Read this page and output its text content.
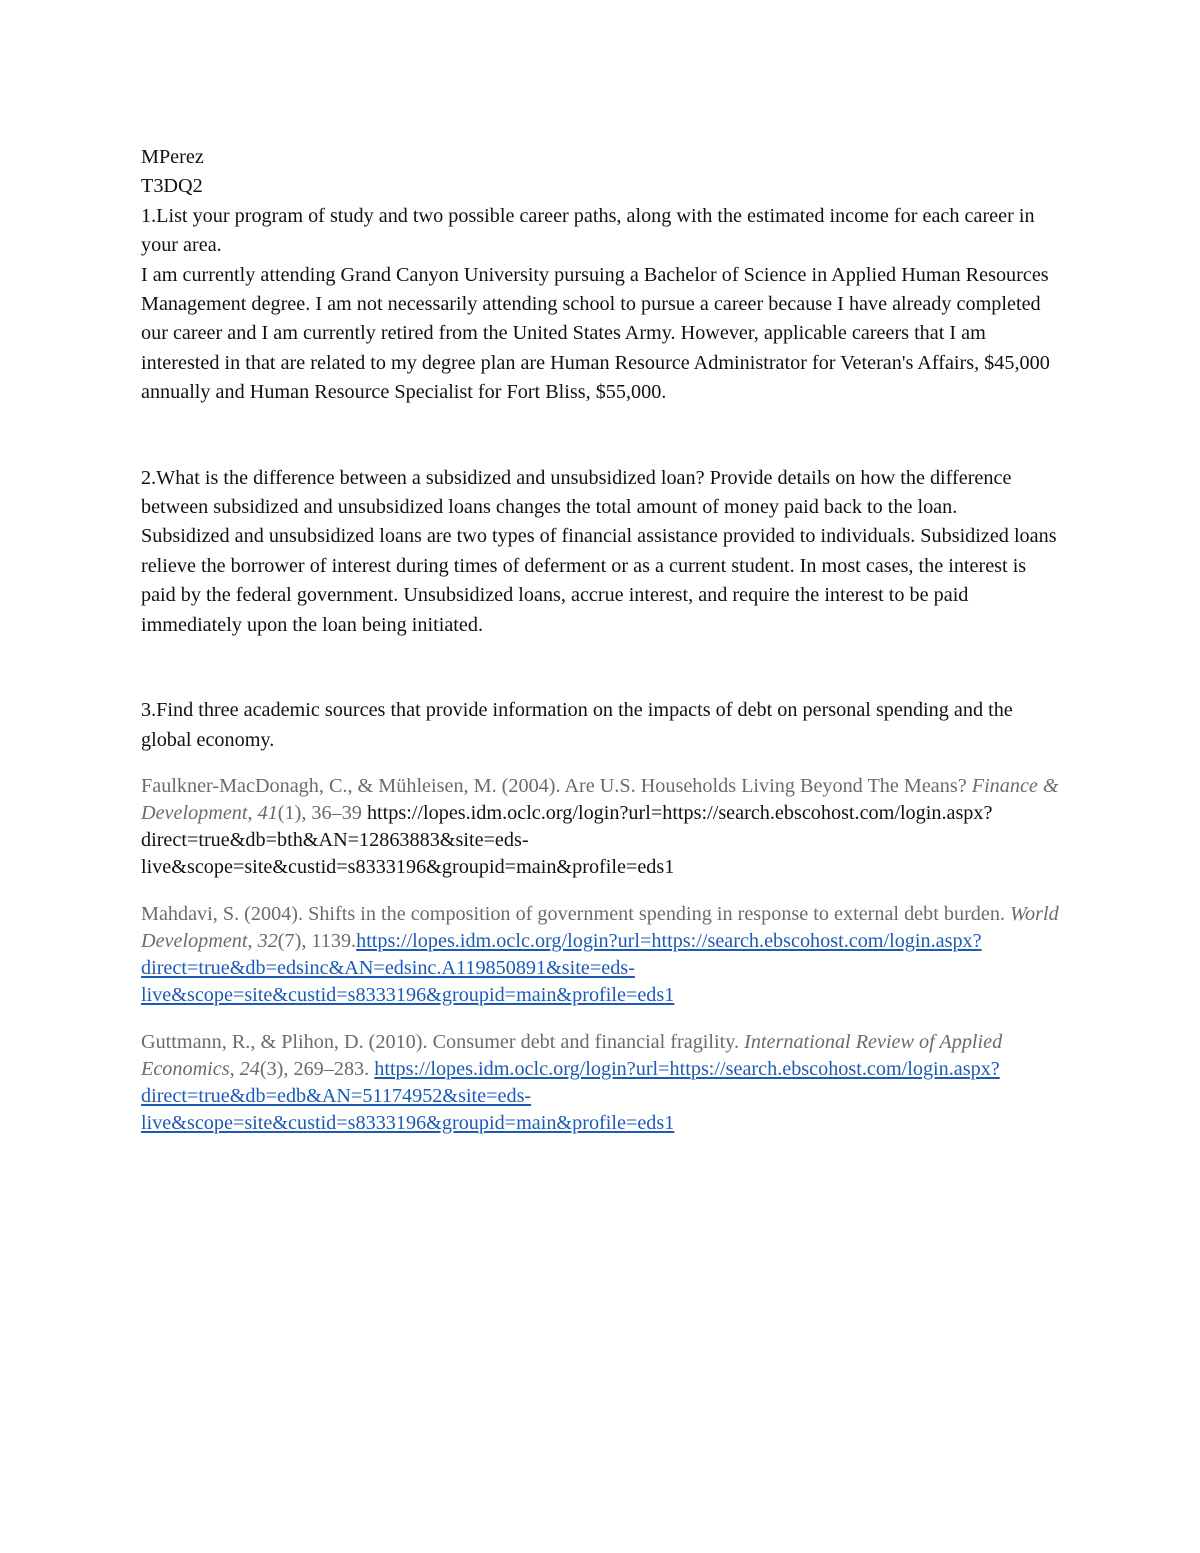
MPerez

T3DQ2

1.List your program of study and two possible career paths, along with the estimated income for each career in your area.

I am currently attending Grand Canyon University pursuing a Bachelor of Science in Applied Human Resources Management degree. I am not necessarily attending school to pursue a career because I have already completed our career and I am currently retired from the United States Army. However, applicable careers that I am interested in that are related to my degree plan are Human Resource Administrator for Veteran's Affairs, $45,000 annually and Human Resource Specialist for Fort Bliss, $55,000.

2.What is the difference between a subsidized and unsubsidized loan? Provide details on how the difference between subsidized and unsubsidized loans changes the total amount of money paid back to the loan.

Subsidized and unsubsidized loans are two types of financial assistance provided to individuals. Subsidized loans relieve the borrower of interest during times of deferment or as a current student. In most cases, the interest is paid by the federal government. Unsubsidized loans, accrue interest, and require the interest to be paid immediately upon the loan being initiated.

3.Find three academic sources that provide information on the impacts of debt on personal spending and the global economy.

Faulkner-MacDonagh, C., & Mühleisen, M. (2004). Are U.S. Households Living Beyond The Means? Finance & Development, 41(1), 36–39 https://lopes.idm.oclc.org/login?url=https://search.ebscohost.com/login.aspx?direct=true&db=bth&AN=12863883&site=eds-live&scope=site&custid=s8333196&groupid=main&profile=eds1

Mahdavi, S. (2004). Shifts in the composition of government spending in response to external debt burden. World Development, 32(7), 1139.https://lopes.idm.oclc.org/login?url=https://search.ebscohost.com/login.aspx?direct=true&db=edsinc&AN=edsinc.A119850891&site=eds-live&scope=site&custid=s8333196&groupid=main&profile=eds1

Guttmann, R., & Plihon, D. (2010). Consumer debt and financial fragility. International Review of Applied Economics, 24(3), 269–283. https://lopes.idm.oclc.org/login?url=https://search.ebscohost.com/login.aspx?direct=true&db=edb&AN=51174952&site=eds-live&scope=site&custid=s8333196&groupid=main&profile=eds1
